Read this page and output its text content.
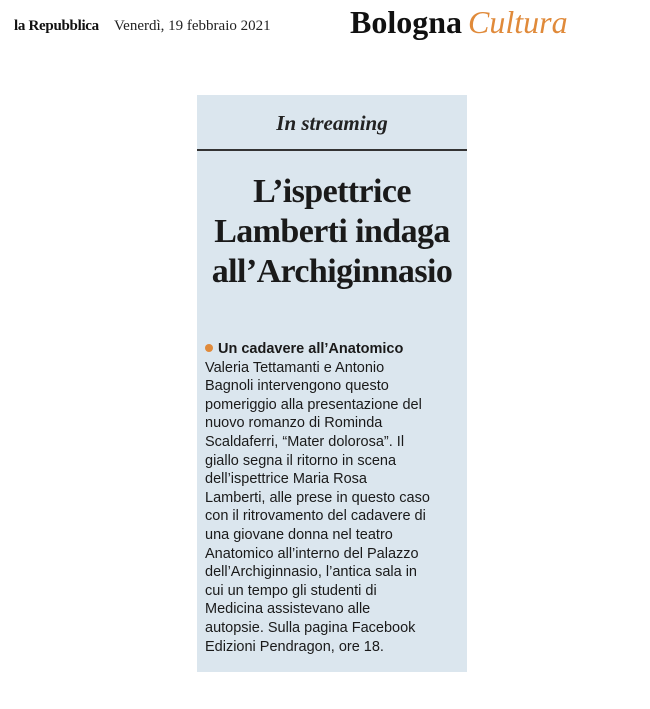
la Repubblica Venerdì, 19 febbraio 2021 Bologna Cultura
In streaming
L’ispettrice
Lamberti indaga
all’Archiginnasio
Un cadavere all’Anatomico
Valeria Tettamanti e Antonio
Bagnoli intervengono questo
pomeriggio alla presentazione del
nuovo romanzo di Rominda
Scaldaferri, “Mater dolorosa”. Il
giallo segna il ritorno in scena
dell’ispettrice Maria Rosa
Lamberti, alle prese in questo caso
con il ritrovamento del cadavere di
una giovane donna nel teatro
Anatomico all’interno del Palazzo
dell’Archiginnasio, l’antica sala in
cui un tempo gli studenti di
Medicina assistevano alle
autopsie. Sulla pagina Facebook
Edizioni Pendragon, ore 18.
